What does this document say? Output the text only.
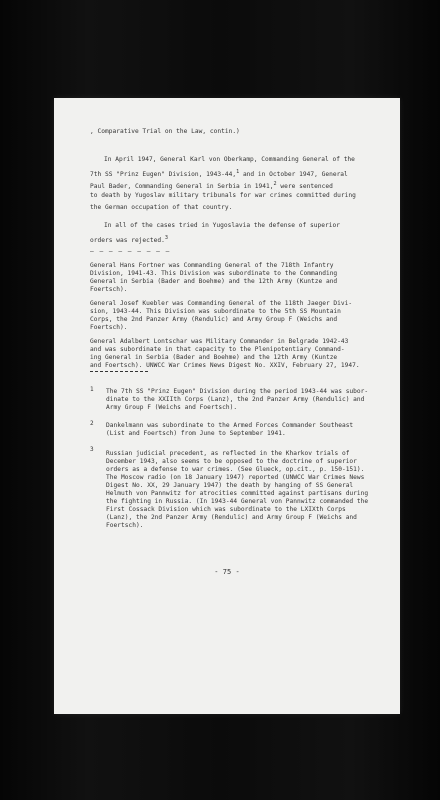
, Comparative Trial on the Law, contin.)
In April 1947, General Karl von Oberkamp, Commanding General of the
7th SS "Prinz Eugen" Division, 1943-44,$^1$ and in October 1947, General
Paul Bader, Commanding General in Serbia in 1941,$^2$ were sentenced
to death by Yugoslav military tribunals for war crimes committed during
the German occupation of that country.
In all of the cases tried in Yugoslavia the defense of superior
orders was rejected.$^3$
— — — — — — — — —
General Hans Fortner was Commanding General of the 718th Infantry
Division, 1941-43. This Division was subordinate to the Commanding
General in Serbia (Bader and Boehme) and the 12th Army (Kuntze and
Foertsch).
General Josef Kuebler was Commanding General of the 118th Jaeger Divi-
sion, 1943-44. This Division was subordinate to the 5th SS Mountain
Corps, the 2nd Panzer Army (Rendulic) and Army Group F (Weichs and
Foertsch).
General Adalbert Lontschar was Military Commander in Belgrade 1942-43
and was subordinate in that capacity to the Plenipotentiary Command-
ing General in Serbia (Bader and Boehme) and the 12th Army (Kuntze
and Foertsch). UNWCC War Crimes News Digest No. XXIV, February 27, 1947.
1 The 7th SS "Prinz Eugen" Division during the period 1943-44 was subor-
dinate to the XXIIth Corps (Lanz), the 2nd Panzer Army (Rendulic) and
Army Group F (Weichs and Foertsch).
2 Dankelmann was subordinate to the Armed Forces Commander Southeast
(List and Foertsch) from June to September 1941.
3
Russian judicial precedent, as reflected in the Kharkov trials of
December 1943, also seems to be opposed to the doctrine of superior
orders as a defense to war crimes. (See Glueck, op.cit., p. 150-151).
The Moscow radio (on 18 January 1947) reported (UNWCC War Crimes News
Digest No. XX, 29 January 1947) the death by hanging of SS General
Helmuth von Pannwitz for atrocities committed against partisans during
the fighting in Russia. (In 1943-44 General von Pannwitz commanded the
First Cossack Division which was subordinate to the LXIXth Corps
(Lanz), the 2nd Panzer Army (Rendulic) and Army Group F (Weichs and
Foertsch).
- 75 -
